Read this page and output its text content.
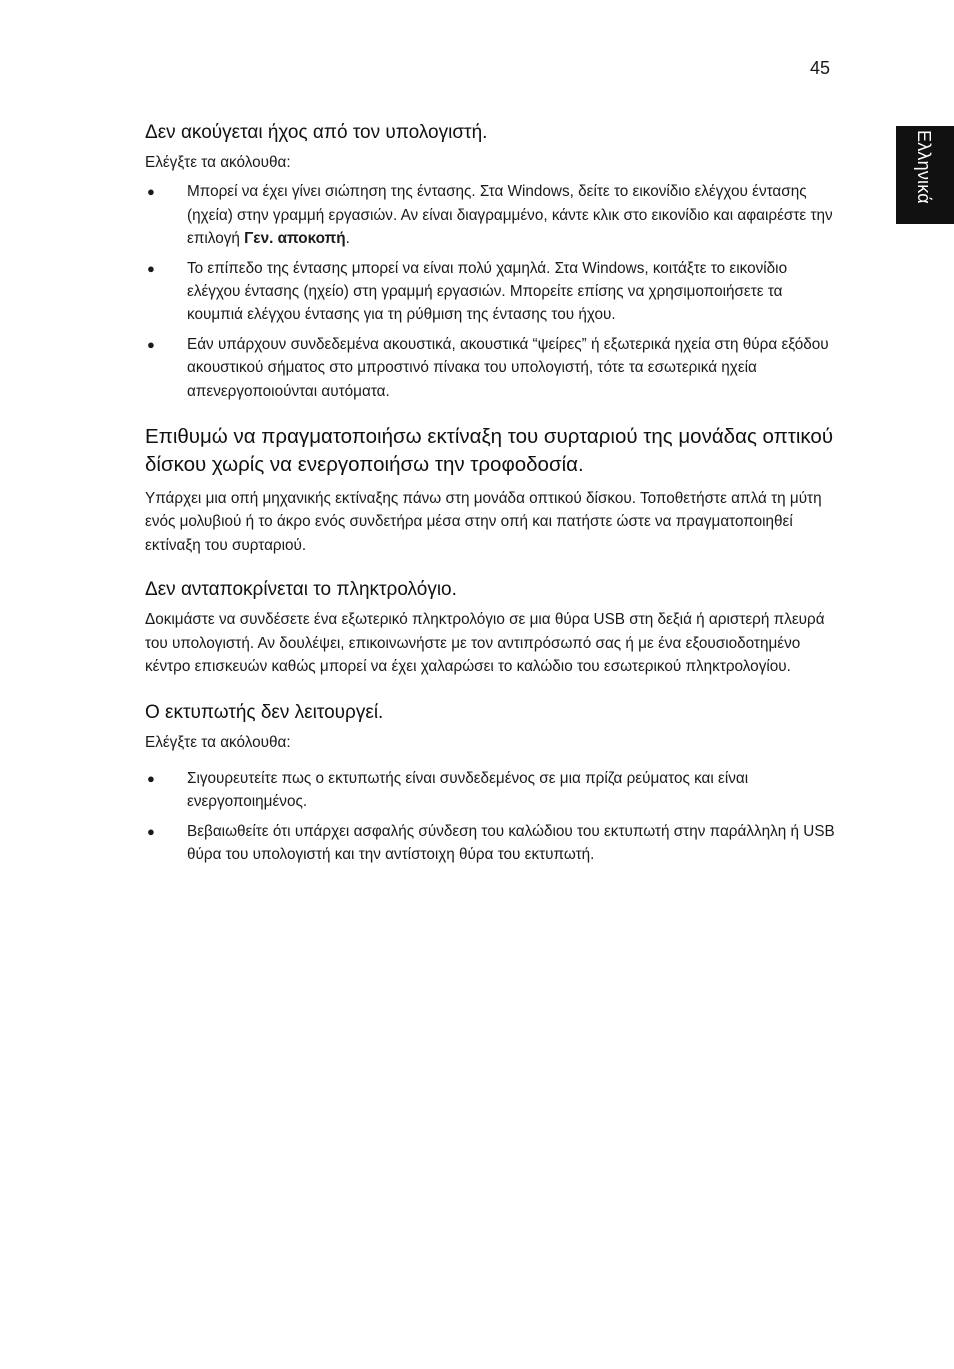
45
Ελληνικά
Δεν ακούγεται ήχος από τον υπολογιστή.

Ελέγξτε τα ακόλουθα:

●	Μπορεί να έχει γίνει σιώπηση της έντασης. Στα Windows, δείτε το εικονίδιο ελέγχου έντασης (ηχεία) στην γραμμή εργασιών. Αν είναι διαγραμμένο, κάντε κλικ στο εικονίδιο και αφαιρέστε την επιλογή Γεν. αποκοπή.
●	Το επίπεδο της έντασης μπορεί να είναι πολύ χαμηλά. Στα Windows, κοιτάξτε το εικονίδιο ελέγχου έντασης (ηχείο) στη γραμμή εργασιών. Μπορείτε επίσης να χρησιμοποιήσετε τα κουμπιά ελέγχου έντασης για τη ρύθμιση της έντασης του ήχου.
●	Εάν υπάρχουν συνδεδεμένα ακουστικά, ακουστικά “ψείρες” ή εξωτερικά ηχεία στη θύρα εξόδου ακουστικού σήματος στο μπροστινό πίνακα του υπολογιστή, τότε τα εσωτερικά ηχεία απενεργοποιούνται αυτόματα.
Επιθυμώ να πραγματοποιήσω εκτίναξη του συρταριού της μονάδας οπτικού δίσκου χωρίς να ενεργοποιήσω την τροφοδοσία.

Υπάρχει μια οπή μηχανικής εκτίναξης πάνω στη μονάδα οπτικού δίσκου. Τοποθετήστε απλά τη μύτη ενός μολυβιού ή το άκρο ενός συνδετήρα μέσα στην οπή και πατήστε ώστε να πραγματοποιηθεί εκτίναξη του συρταριού.

Δεν ανταποκρίνεται το πληκτρολόγιο.

Δοκιμάστε να συνδέσετε ένα εξωτερικό πληκτρολόγιο σε μια θύρα USB στη δεξιά ή αριστερή πλευρά του υπολογιστή. Αν δουλέψει, επικοινωνήστε με τον αντιπρόσωπό σας ή με ένα εξουσιοδοτημένο κέντρο επισκευών καθώς μπορεί να έχει χαλαρώσει το καλώδιο του εσωτερικού πληκτρολογίου.

Ο εκτυπωτής δεν λειτουργεί.

Ελέγξτε τα ακόλουθα:

●	Σιγουρευτείτε πως ο εκτυπωτής είναι συνδεδεμένος σε μια πρίζα ρεύματος και είναι ενεργοποιημένος.
●	Βεβαιωθείτε ότι υπάρχει ασφαλής σύνδεση του καλώδιου του εκτυπωτή στην παράλληλη ή USB θύρα του υπολογιστή και την αντίστοιχη θύρα του εκτυπωτή.
